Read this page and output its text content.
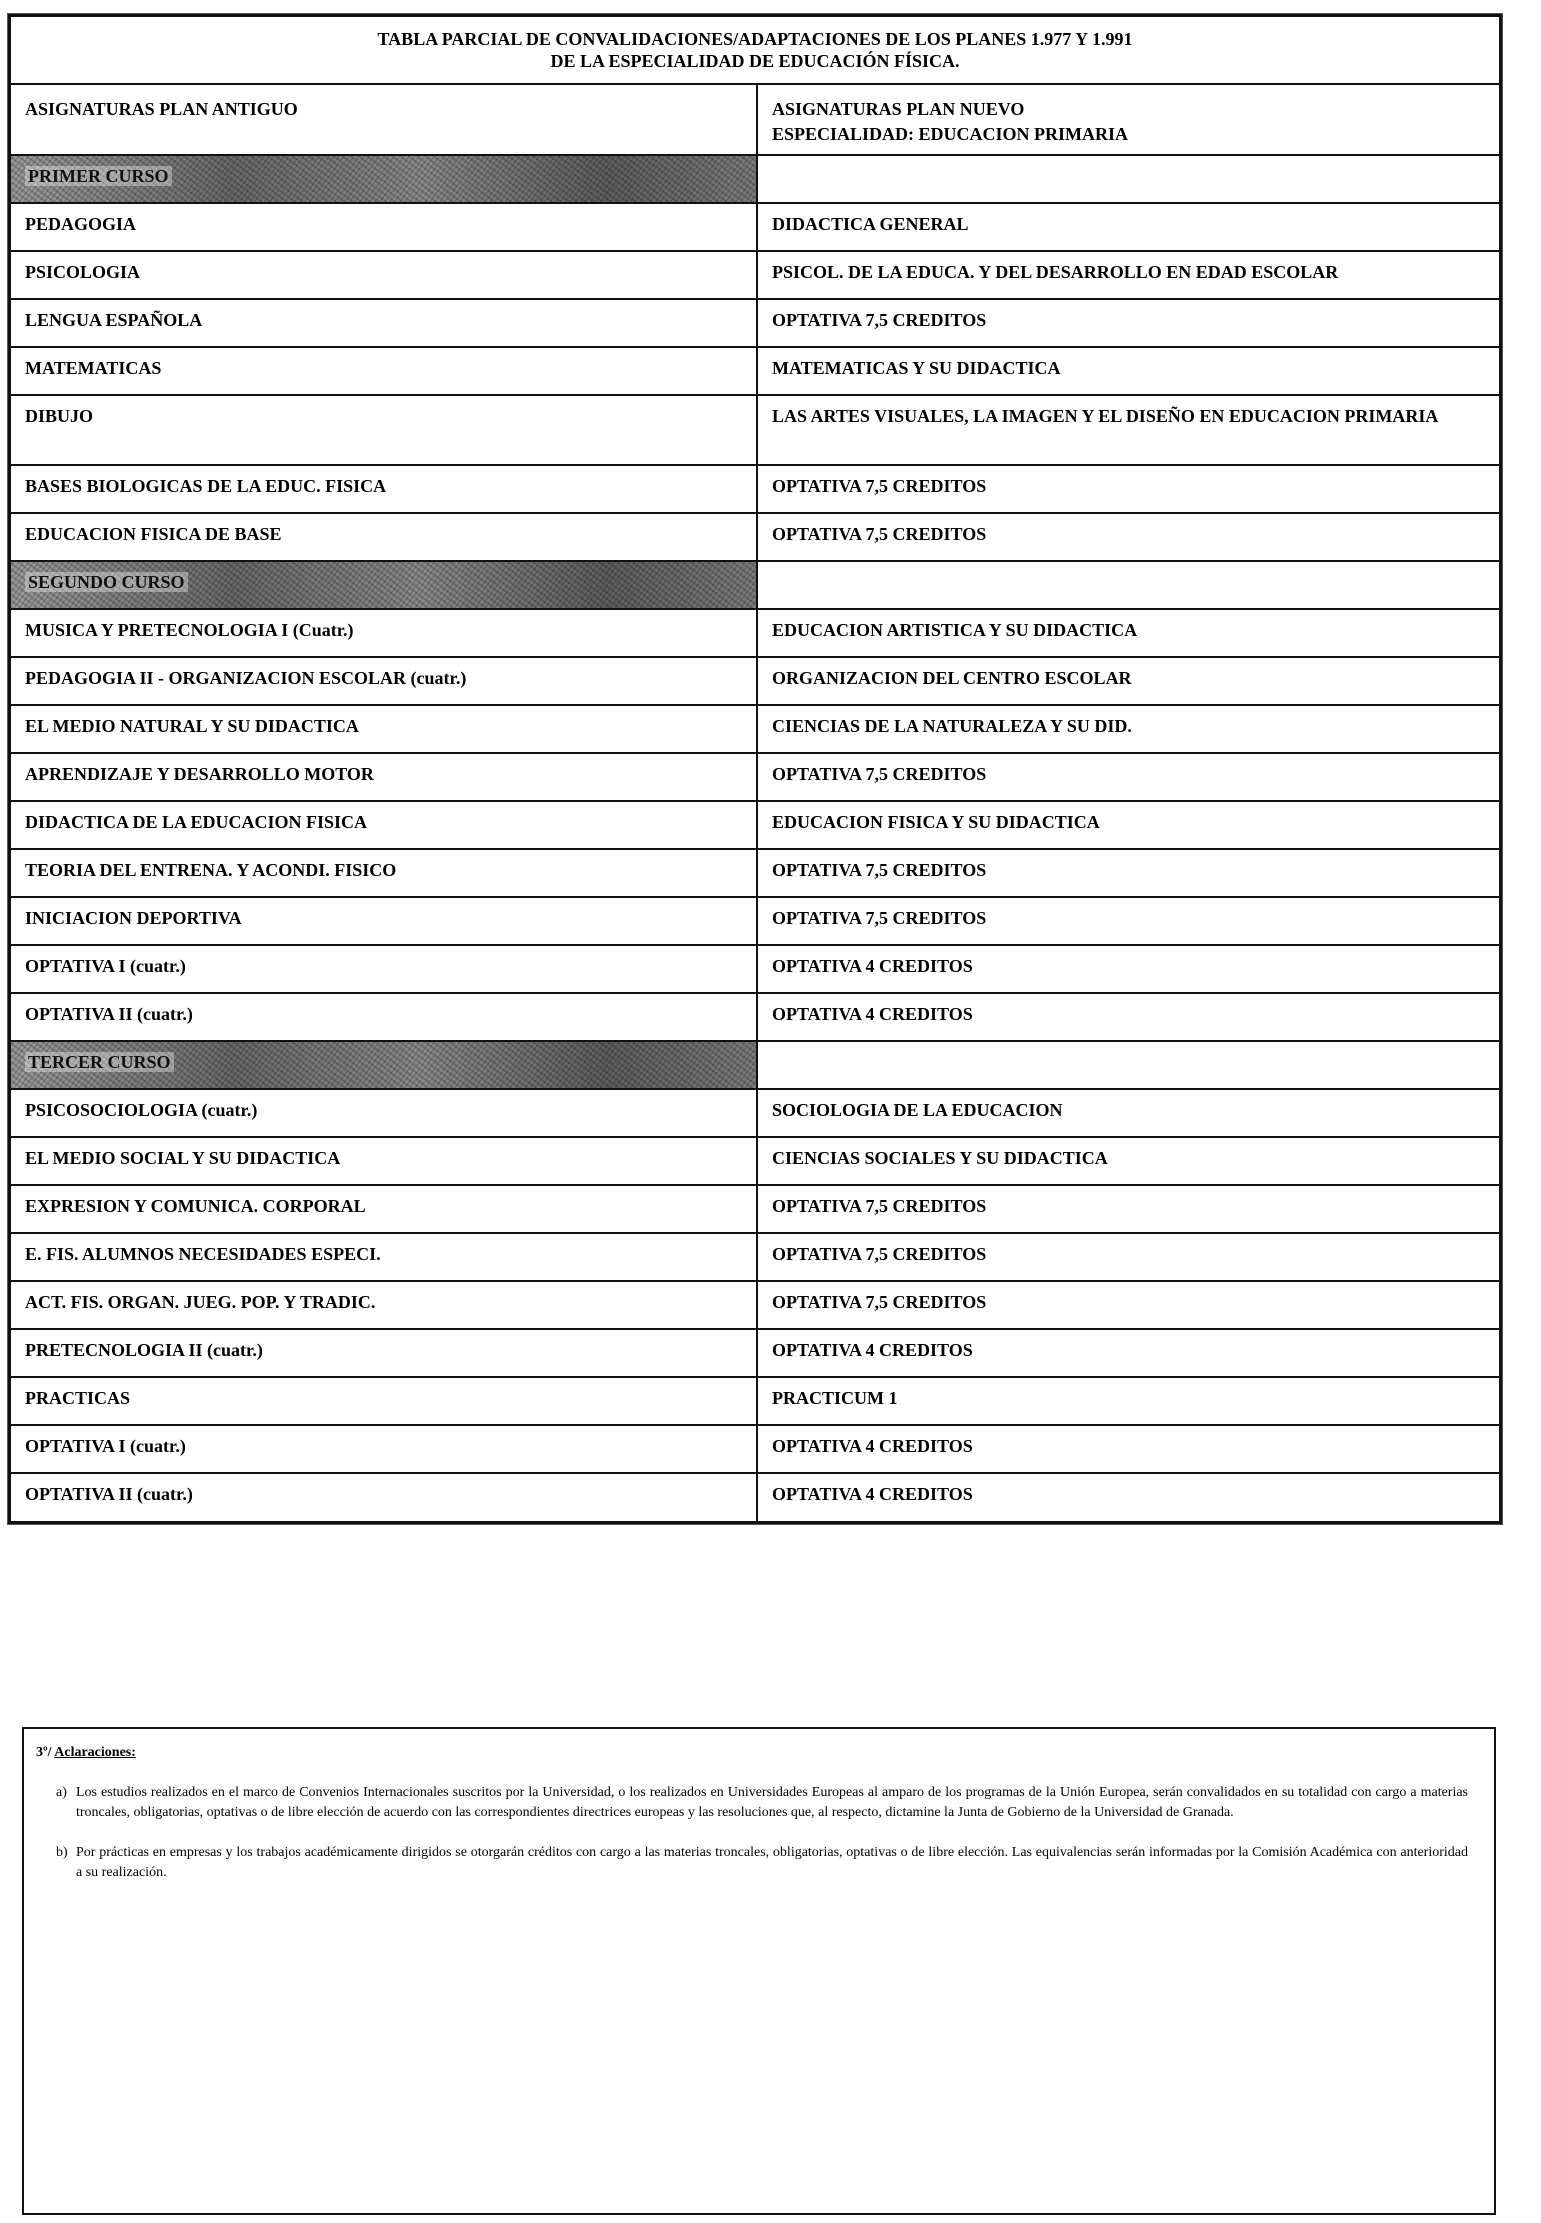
TABLA PARCIAL DE CONVALIDACIONES/ADAPTACIONES DE LOS PLANES 1.977 Y 1.991
DE LA ESPECIALIDAD DE EDUCACIÓN FÍSICA.
ASIGNATURAS PLAN ANTIGUO	ASIGNATURAS PLAN NUEVO
ESPECIALIDAD: EDUCACION PRIMARIA

PRIMER CURSO	
PEDAGOGIA	DIDACTICA GENERAL
PSICOLOGIA	PSICOL. DE LA EDUCA. Y DEL DESARROLLO EN EDAD ESCOLAR
LENGUA ESPAÑOLA	OPTATIVA 7,5 CREDITOS
MATEMATICAS	MATEMATICAS Y SU DIDACTICA
DIBUJO	LAS ARTES VISUALES, LA IMAGEN Y EL DISEÑO EN EDUCACION PRIMARIA
BASES BIOLOGICAS DE LA EDUC. FISICA	OPTATIVA 7,5 CREDITOS
EDUCACION FISICA DE BASE	OPTATIVA 7,5 CREDITOS
SEGUNDO CURSO	
MUSICA Y PRETECNOLOGIA I (Cuatr.)	EDUCACION ARTISTICA Y SU DIDACTICA
PEDAGOGIA II - ORGANIZACION ESCOLAR (cuatr.)	ORGANIZACION DEL CENTRO ESCOLAR
EL MEDIO NATURAL Y SU DIDACTICA	CIENCIAS DE LA NATURALEZA Y SU DID.
APRENDIZAJE Y DESARROLLO MOTOR	OPTATIVA 7,5 CREDITOS
DIDACTICA DE LA EDUCACION FISICA	EDUCACION FISICA Y SU DIDACTICA
TEORIA DEL ENTRENA. Y ACONDI. FISICO	OPTATIVA 7,5 CREDITOS
INICIACION DEPORTIVA	OPTATIVA 7,5 CREDITOS
OPTATIVA I (cuatr.)	OPTATIVA 4 CREDITOS
OPTATIVA II (cuatr.)	OPTATIVA 4 CREDITOS
TERCER CURSO	
PSICOSOCIOLOGIA (cuatr.)	SOCIOLOGIA DE LA EDUCACION
EL MEDIO SOCIAL Y SU DIDACTICA	CIENCIAS SOCIALES Y SU DIDACTICA
EXPRESION Y COMUNICA. CORPORAL	OPTATIVA 7,5 CREDITOS
E. FIS. ALUMNOS NECESIDADES ESPECI.	OPTATIVA 7,5 CREDITOS
ACT. FIS. ORGAN. JUEG. POP. Y TRADIC.	OPTATIVA 7,5 CREDITOS
PRETECNOLOGIA II (cuatr.)	OPTATIVA 4 CREDITOS
PRACTICAS	PRACTICUM 1
OPTATIVA I (cuatr.)	OPTATIVA 4 CREDITOS
OPTATIVA II (cuatr.)	OPTATIVA 4 CREDITOS
3º/ Aclaraciones:
a) Los estudios realizados en el marco de Convenios Internacionales suscritos por la Universidad, o los realizados en Universidades Europeas al amparo de los programas de la Unión Europea, serán convalidados en su totalidad con cargo a materias troncales, obligatorias, optativas o de libre elección de acuerdo con las correspondientes directrices europeas y las resoluciones que, al respecto, dictamine la Junta de Gobierno de la Universidad de Granada.
b) Por prácticas en empresas y los trabajos académicamente dirigidos se otorgarán créditos con cargo a las materias troncales, obligatorias, optativas o de libre elección. Las equivalencias serán informadas por la Comisión Académica con anterioridad a su realización.
